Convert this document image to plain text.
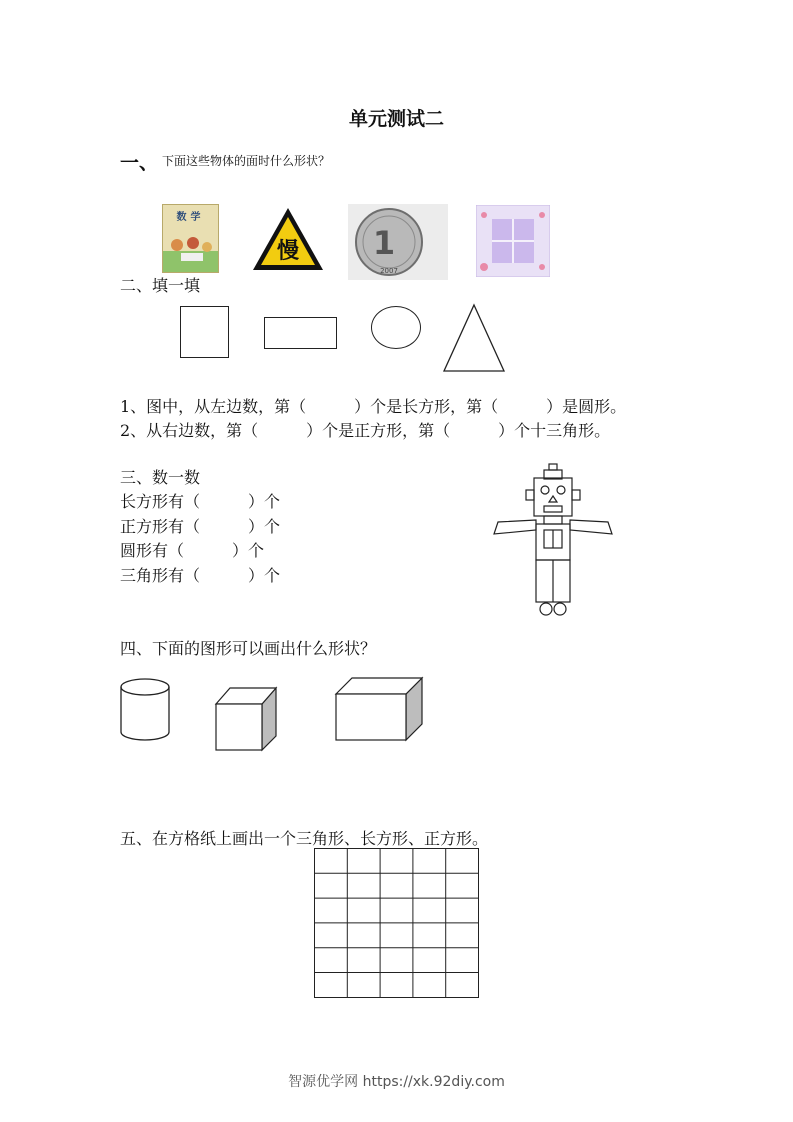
单元测试二
一、 下面这些物体的面时什么形状？
数学
慢 1
2007
二、填一填
1、图中，从左边数，第（　　　）个是长方形，第（　　　）是圆形。
2、从右边数，第（　　　）个是正方形，第（　　　）个十三角形。
三、数一数
长方形有（　　　）个
正方形有（　　　）个
圆形有（　　　）个
三角形有（　　　）个
四、下面的图形可以画出什么形状？
五、在方格纸上画出一个三角形、长方形、正方形。
智源优学网 https://xk.92diy.com
